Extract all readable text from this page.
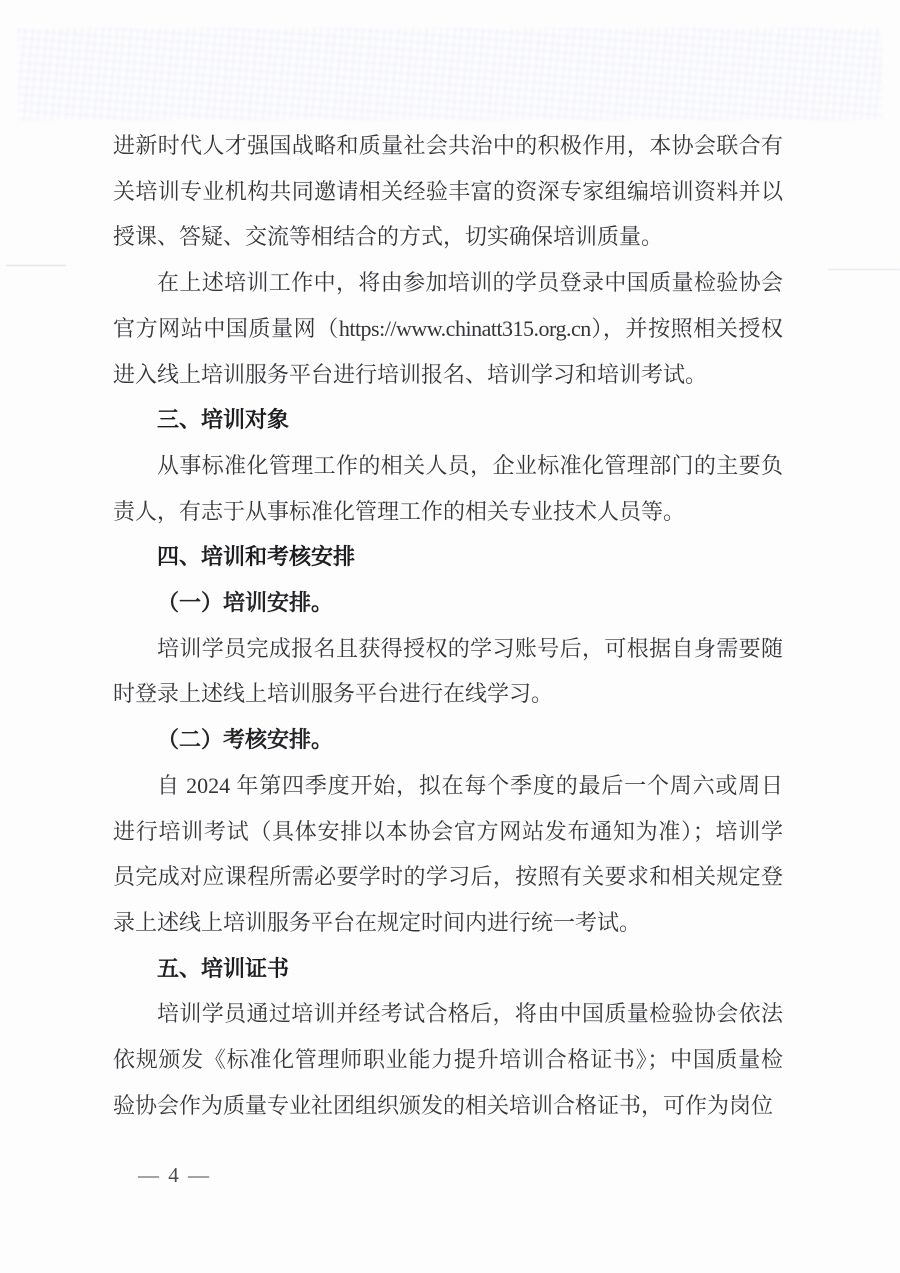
进新时代人才强国战略和质量社会共治中的积极作用，本协会联合有关培训专业机构共同邀请相关经验丰富的资深专家组编培训资料并以授课、答疑、交流等相结合的方式，切实确保培训质量。

在上述培训工作中，将由参加培训的学员登录中国质量检验协会官方网站中国质量网（https://www.chinatt315.org.cn），并按照相关授权进入线上培训服务平台进行培训报名、培训学习和培训考试。

三、培训对象

从事标准化管理工作的相关人员，企业标准化管理部门的主要负责人，有志于从事标准化管理工作的相关专业技术人员等。

四、培训和考核安排

（一）培训安排。

培训学员完成报名且获得授权的学习账号后，可根据自身需要随时登录上述线上培训服务平台进行在线学习。

（二）考核安排。

自 2024 年第四季度开始，拟在每个季度的最后一个周六或周日进行培训考试（具体安排以本协会官方网站发布通知为准）；培训学员完成对应课程所需必要学时的学习后，按照有关要求和相关规定登录上述线上培训服务平台在规定时间内进行统一考试。

五、培训证书

培训学员通过培训并经考试合格后，将由中国质量检验协会依法依规颁发《标准化管理师职业能力提升培训合格证书》；中国质量检验协会作为质量专业社团组织颁发的相关培训合格证书，可作为岗位

— 4 —
